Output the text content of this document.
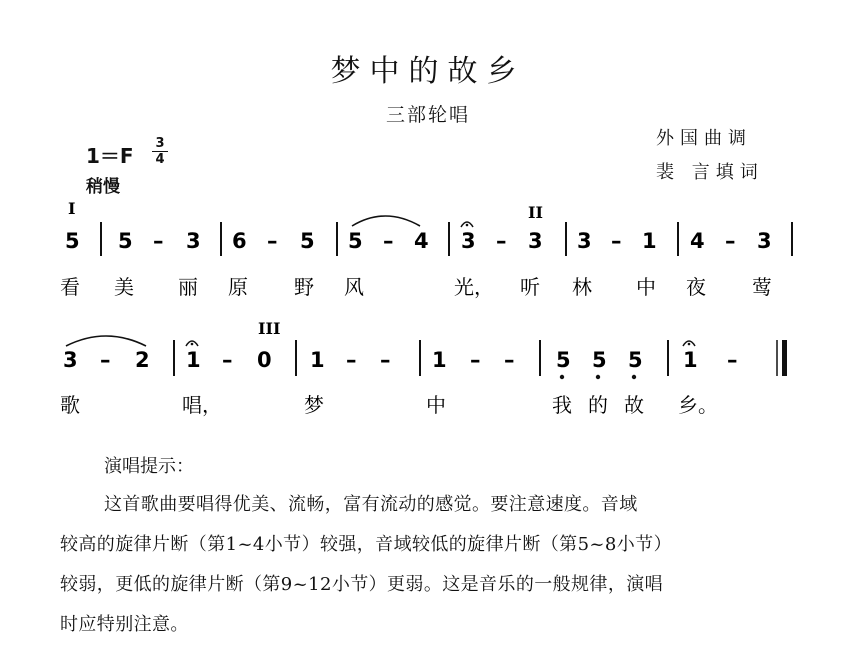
梦中的故乡
三部轮唱
外国曲调
裴 言填词
1＝F
3
4
稍慢
I	II
5 5 – 3 6 – 5 5 – 4 3 – 3 3 – 1 4 – 3
看 美 丽 原 野 风	光， 听 林 中 夜 莺
III
3 – 2 1 – 0 1 – – 1 – – 5 5 5 1 –
歌	唱，	梦	中	我 的 故 乡。
演唱提示：
这首歌曲要唱得优美、流畅，富有流动的感觉。要注意速度。音域
较高的旋律片断（第1~4小节）较强，音域较低的旋律片断（第5~8小节）
较弱，更低的旋律片断（第9~12小节）更弱。这是音乐的一般规律，演唱
时应特别注意。
